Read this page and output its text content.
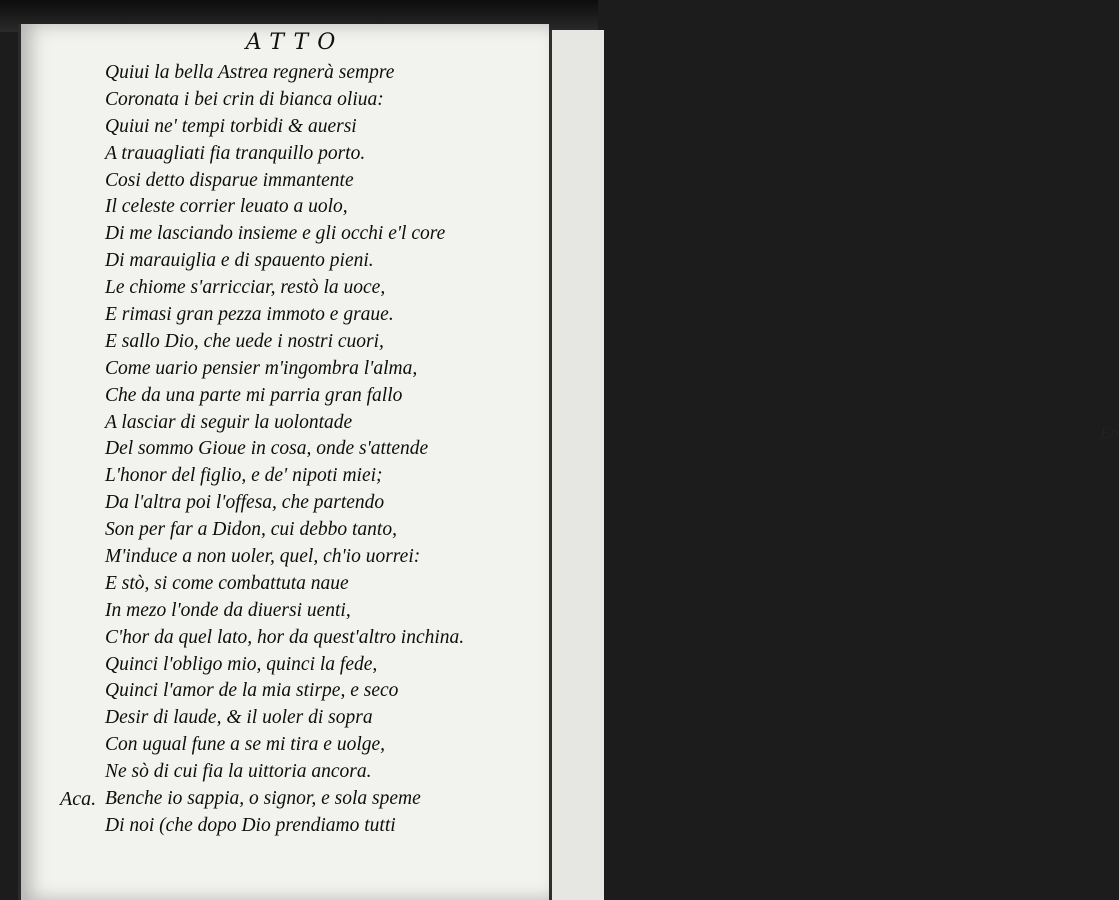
En
ATTO
Quiui la bella Astrea regnerà sempre
Coronata i bei crin di bianca oliua:
Quiui ne' tempi torbidi & auersi
A trauagliati fia tranquillo porto.
Cosi detto disparue immantente
Il celeste corrier leuato a uolo,
Di me lasciando insieme e gli occhi e'l core
Di marauiglia e di spauento pieni.
Le chiome s'arricciar, restò la uoce,
E rimasi gran pezza immoto e graue.
E sallo Dio, che uede i nostri cuori,
Come uario pensier m'ingombra l'alma,
Che da una parte mi parria gran fallo
A lasciar di seguir la uolontade
Del sommo Gioue in cosa, onde s'attende
L'honor del figlio, e de' nipoti miei;
Da l'altra poi l'offesa, che partendo
Son per far a Didon, cui debbo tanto,
M'induce a non uoler, quel, ch'io uorrei:
E stò, si come combattuta naue
In mezo l'onde da diuersi uenti,
C'hor da quel lato, hor da quest'altro inchina.
Quinci l'obligo mio, quinci la fede,
Quinci l'amor de la mia stirpe, e seco
Desir di laude, & il uoler di sopra
Con ugual fune a se mi tira e uolge,
Ne sò di cui fia la uittoria ancora.
Aca. Benche io sappia, o signor, e sola speme
Di noi (che dopo Dio prendiamo tutti
